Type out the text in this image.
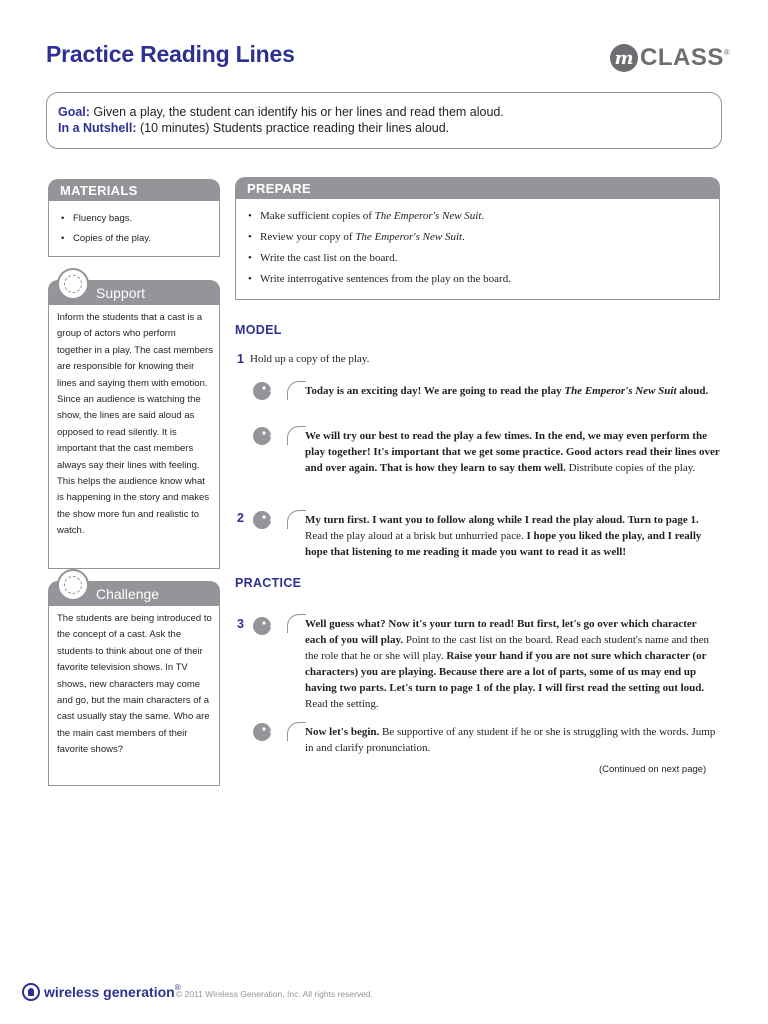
Practice Reading Lines	m CLASS ®
Goal: Given a play, the student can identify his or her lines and read them aloud.
In a Nutshell: (10 minutes) Students practice reading their lines aloud.
MATERIALS
• Fluency bags.
• Copies of the play.
PREPARE
• Make sufficient copies of The Emperor's New Suit.
• Review your copy of The Emperor's New Suit.
• Write the cast list on the board.
• Write interrogative sentences from the play on the board.
Support
Inform the students that a cast is a group of actors who perform together in a play. The cast members are responsible for knowing their lines and saying them with emotion. Since an audience is watching the show, the lines are said aloud as opposed to read silently. It is important that the cast members always say their lines with feeling. This helps the audience know what is happening in the story and makes the show more fun and realistic to watch.
Challenge
The students are being introduced to the concept of a cast. Ask the students to think about one of their favorite television shows. In TV shows, new characters may come and go, but the main characters of a cast usually stay the same. Who are the main cast members of their favorite shows?
MODEL
1 Hold up a copy of the play.
Today is an exciting day! We are going to read the play The Emperor's New Suit aloud.
We will try our best to read the play a few times. In the end, we may even perform the play together! It's important that we get some practice. Good actors read their lines over and over again. That is how they learn to say them well. Distribute copies of the play.
2	My turn first. I want you to follow along while I read the play aloud. Turn to page 1. Read the play aloud at a brisk but unhurried pace. I hope you liked the play, and I really hope that listening to me reading it made you want to read it as well!
PRACTICE
3	Well guess what? Now it's your turn to read! But first, let's go over which character each of you will play. Point to the cast list on the board. Read each student's name and then the role that he or she will play. Raise your hand if you are not sure which character (or characters) you are playing. Because there are a lot of parts, some of us may end up having two parts. Let's turn to page 1 of the play. I will first read the setting out loud. Read the setting.
Now let's begin. Be supportive of any student if he or she is struggling with the words. Jump in and clarify pronunciation.
(Continued on next page)
wireless generation ®
© 2011 Wireless Generation, Inc. All rights reserved.
